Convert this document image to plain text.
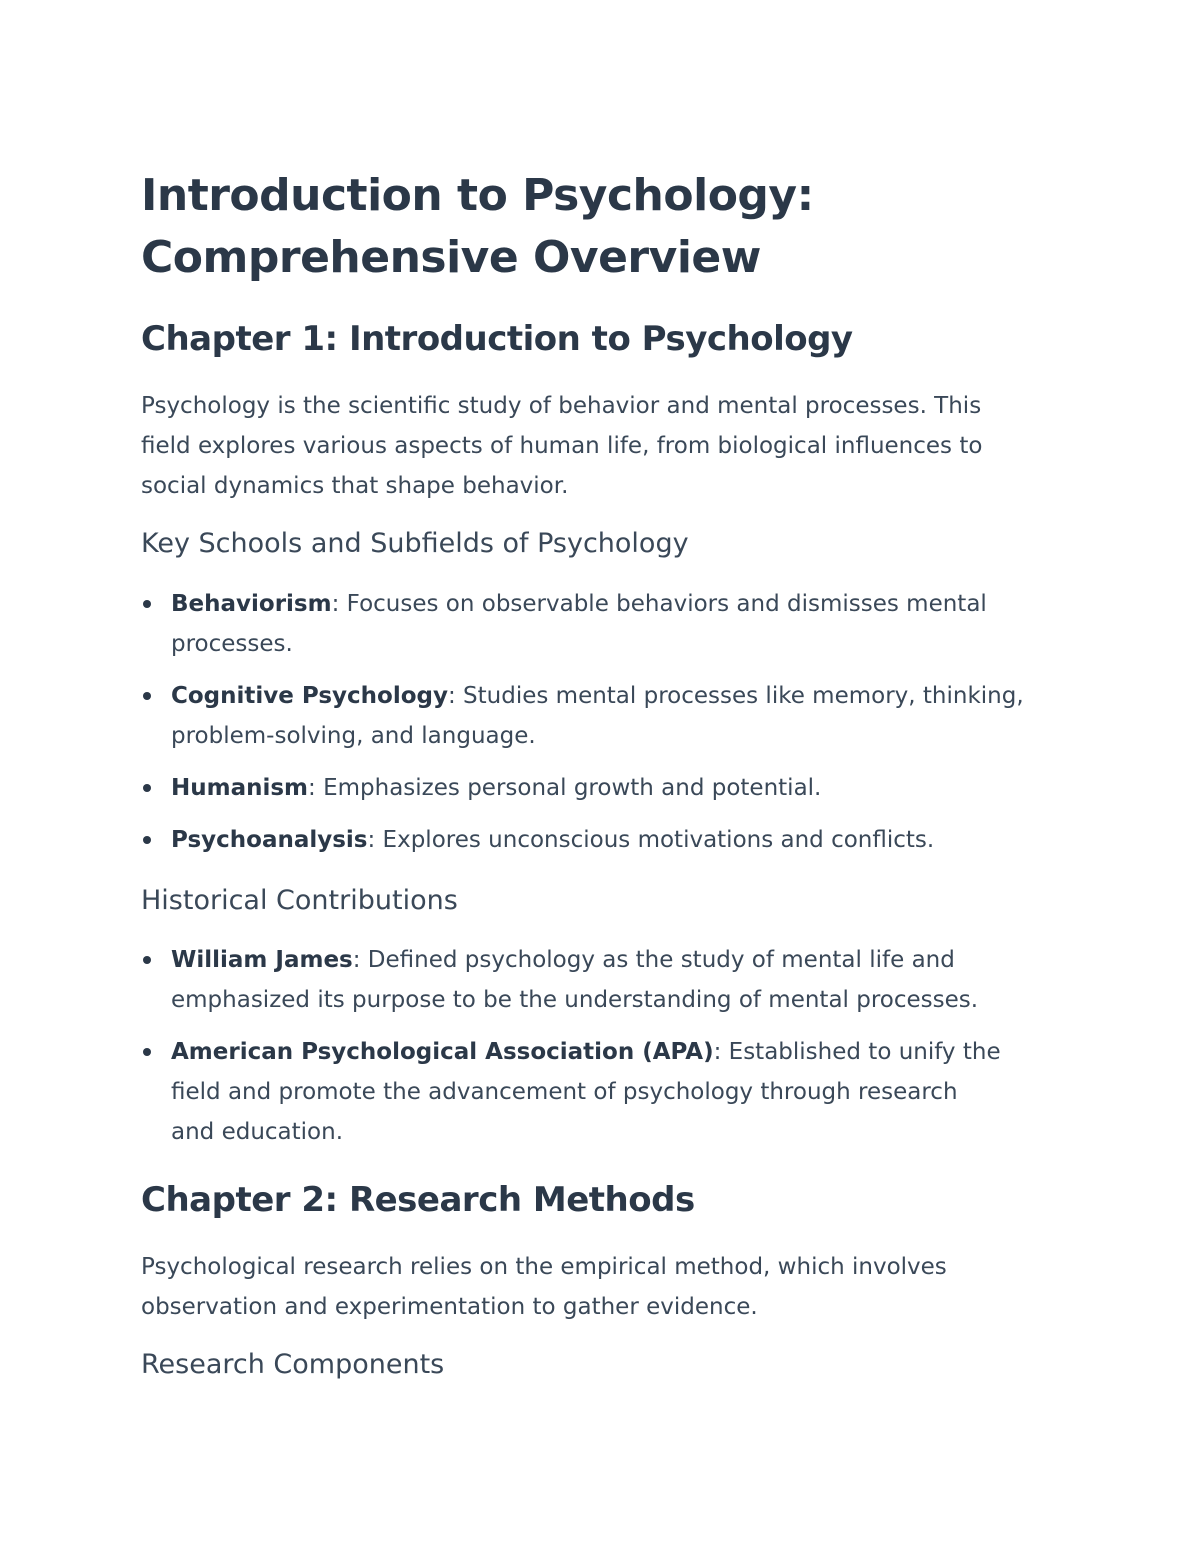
Introduction to Psychology:
Comprehensive Overview
Chapter 1: Introduction to Psychology

Psychology is the scientific study of behavior and mental processes. This
field explores various aspects of human life, from biological influences to
social dynamics that shape behavior.

Key Schools and Subfields of Psychology
Behaviorism: Focuses on observable behaviors and dismisses mental
processes.
Cognitive Psychology: Studies mental processes like memory, thinking,
problem-solving, and language.
Humanism: Emphasizes personal growth and potential.
Psychoanalysis: Explores unconscious motivations and conflicts.
Historical Contributions
William James: Defined psychology as the study of mental life and
emphasized its purpose to be the understanding of mental processes.
American Psychological Association (APA): Established to unify the
field and promote the advancement of psychology through research
and education.
Chapter 2: Research Methods

Psychological research relies on the empirical method, which involves
observation and experimentation to gather evidence.

Research Components
